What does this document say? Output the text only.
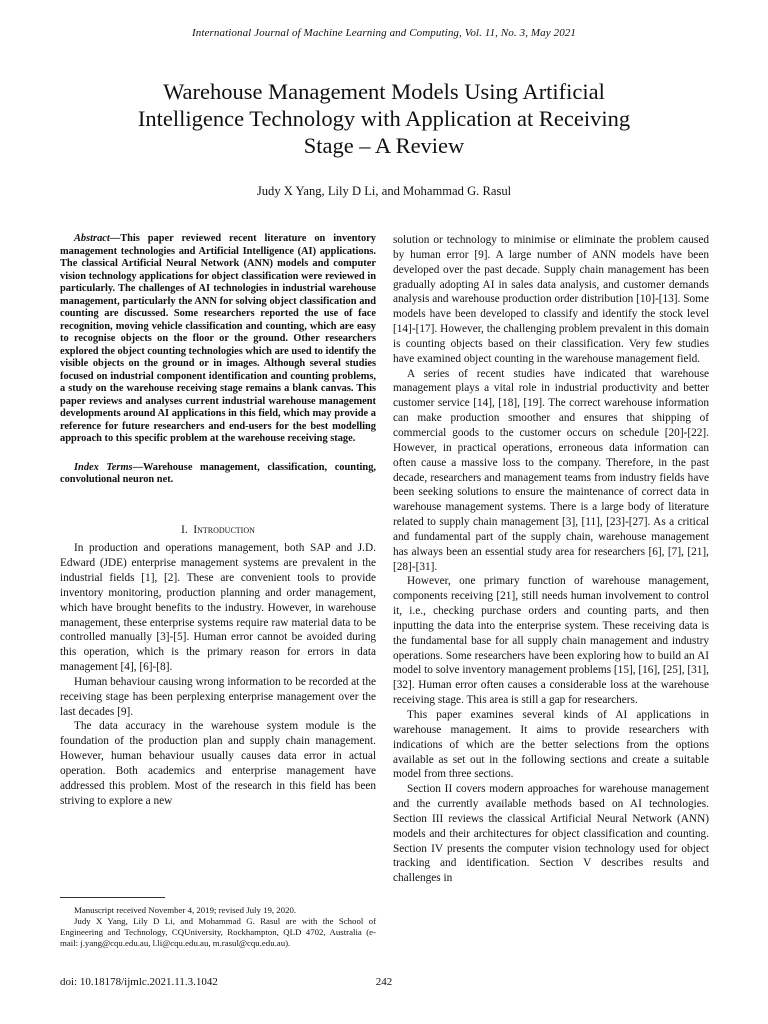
International Journal of Machine Learning and Computing, Vol. 11, No. 3, May 2021
Warehouse Management Models Using Artificial
Intelligence Technology with Application at Receiving
Stage – A Review
Judy X Yang, Lily D Li, and Mohammad G. Rasul

Abstract—This paper reviewed recent literature on inventory management technologies and Artificial Intelligence (AI) applications. The classical Artificial Neural Network (ANN) models and computer vision technology applications for object classification were reviewed in particularly. The challenges of AI technologies in industrial warehouse management, particularly the ANN for solving object classification and counting are discussed. Some researchers reported the use of face recognition, moving vehicle classification and counting, which are easy to recognise objects on the floor or the ground. Other researchers explored the object counting technologies which are used to identify the visible objects on the ground or in images. Although several studies focused on industrial component identification and counting problems, a study on the warehouse receiving stage remains a blank canvas. This paper reviews and analyses current industrial warehouse management developments around AI applications in this field, which may provide a reference for future researchers and end-users for the best modelling approach to this specific problem at the warehouse receiving stage.

Index Terms—Warehouse management, classification, counting, convolutional neuron net.

I. Introduction

In production and operations management, both SAP and J.D. Edward (JDE) enterprise management systems are prevalent in the industrial fields [1], [2]. These are convenient tools to provide inventory monitoring, production planning and order management, which have brought benefits to the industry. However, in warehouse management, these enterprise systems require raw material data to be controlled manually [3]-[5]. Human error cannot be avoided during this operation, which is the primary reason for errors in data management [4], [6]-[8].

Human behaviour causing wrong information to be recorded at the receiving stage has been perplexing enterprise management over the last decades [9].

The data accuracy in the warehouse system module is the foundation of the production plan and supply chain management. However, human behaviour usually causes data error in actual operation. Both academics and enterprise management have addressed this problem. Most of the research in this field has been striving to explore a new

solution or technology to minimise or eliminate the problem caused by human error [9]. A large number of ANN models have been developed over the past decade. Supply chain management has been gradually adopting AI in sales data analysis, and customer demands analysis and warehouse production order distribution [10]-[13]. Some models have been developed to classify and identify the stock level [14]-[17]. However, the challenging problem prevalent in this domain is counting objects based on their classification. Very few studies have examined object counting in the warehouse management field.

A series of recent studies have indicated that warehouse management plays a vital role in industrial productivity and better customer service [14], [18], [19]. The correct warehouse information can make production smoother and ensures that shipping of commercial goods to the customer occurs on schedule [20]-[22]. However, in practical operations, erroneous data information can often cause a massive loss to the company. Therefore, in the past decade, researchers and management teams from industry fields have been seeking solutions to ensure the maintenance of correct data in warehouse management systems. There is a large body of literature related to supply chain management [3], [11], [23]-[27]. As a critical and fundamental part of the supply chain, warehouse management has always been an essential study area for researchers [6], [7], [21], [28]-[31].

However, one primary function of warehouse management, components receiving [21], still needs human involvement to control it, i.e., checking purchase orders and counting parts, and then inputting the data into the enterprise system. These receiving data is the fundamental base for all supply chain management and industry operations. Some researchers have been exploring how to build an AI model to solve inventory management problems [15], [16], [25], [31], [32]. Human error often causes a considerable loss at the warehouse receiving stage. This area is still a gap for researchers.

This paper examines several kinds of AI applications in warehouse management. It aims to provide researchers with indications of which are the better selections from the options available as set out in the following sections and create a suitable model from three sections.

Section II covers modern approaches for warehouse management and the currently available methods based on AI technologies. Section III reviews the classical Artificial Neural Network (ANN) models and their architectures for object classification and counting. Section IV presents the computer vision technology used for object tracking and identification. Section V describes results and challenges in

Manuscript received November 4, 2019; revised July 19, 2020.

Judy X Yang, Lily D Li, and Mohammad G. Rasul are with the School of Engineering and Technology, CQUniversity, Rockhampton, QLD 4702, Australia (e-mail: j.yang@cqu.edu.au, l.li@cqu.edu.au, m.rasul@cqu.edu.au).

doi: 10.18178/ijmlc.2021.11.3.1042	242
